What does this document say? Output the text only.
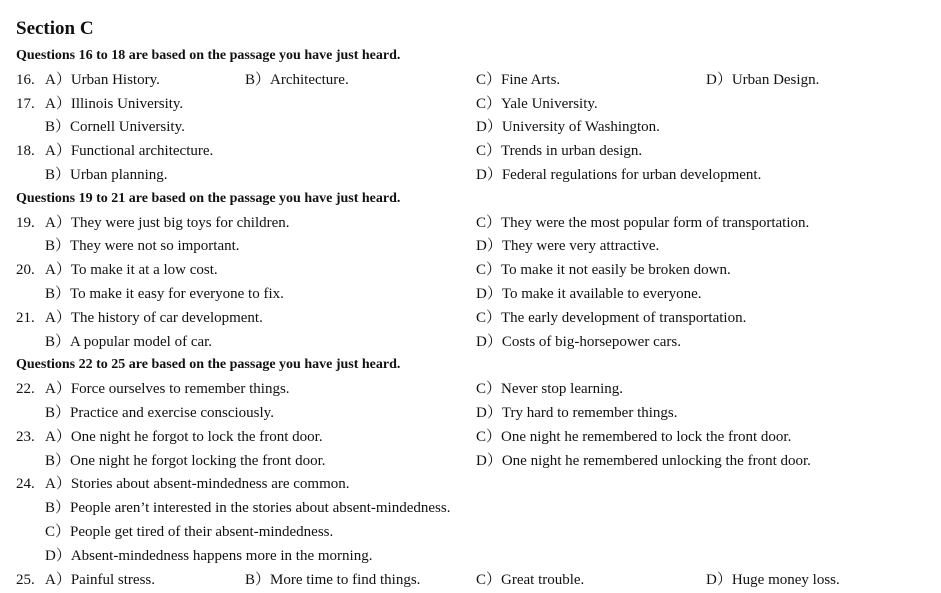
Section C
Questions 16 to 18 are based on the passage you have just heard.
16. A）Urban History.	B）Architecture.	C）Fine Arts.	D）Urban Design.
17. A）Illinois University.	C）Yale University.
B）Cornell University.	D）University of Washington.
18. A）Functional architecture.	C）Trends in urban design.
B）Urban planning.	D）Federal regulations for urban development.
Questions 19 to 21 are based on the passage you have just heard.
19. A）They were just big toys for children.	C）They were the most popular form of transportation.
B）They were not so important.	D）They were very attractive.
20. A）To make it at a low cost.	C）To make it not easily be broken down.
B）To make it easy for everyone to fix.	D）To make it available to everyone.
21. A）The history of car development.	C）The early development of transportation.
B）A popular model of car.	D）Costs of big-horsepower cars.
Questions 22 to 25 are based on the passage you have just heard.
22. A）Force ourselves to remember things.	C）Never stop learning.
B）Practice and exercise consciously.	D）Try hard to remember things.
23. A）One night he forgot to lock the front door.	C）One night he remembered to lock the front door.
B）One night he forgot locking the front door.	D）One night he remembered unlocking the front door.
24. A）Stories about absent-mindedness are common.
B）People aren’t interested in the stories about absent-mindedness.
C）People get tired of their absent-mindedness.
D）Absent-mindedness happens more in the morning.
25. A）Painful stress.	B）More time to find things.	C）Great trouble.	D）Huge money loss.
